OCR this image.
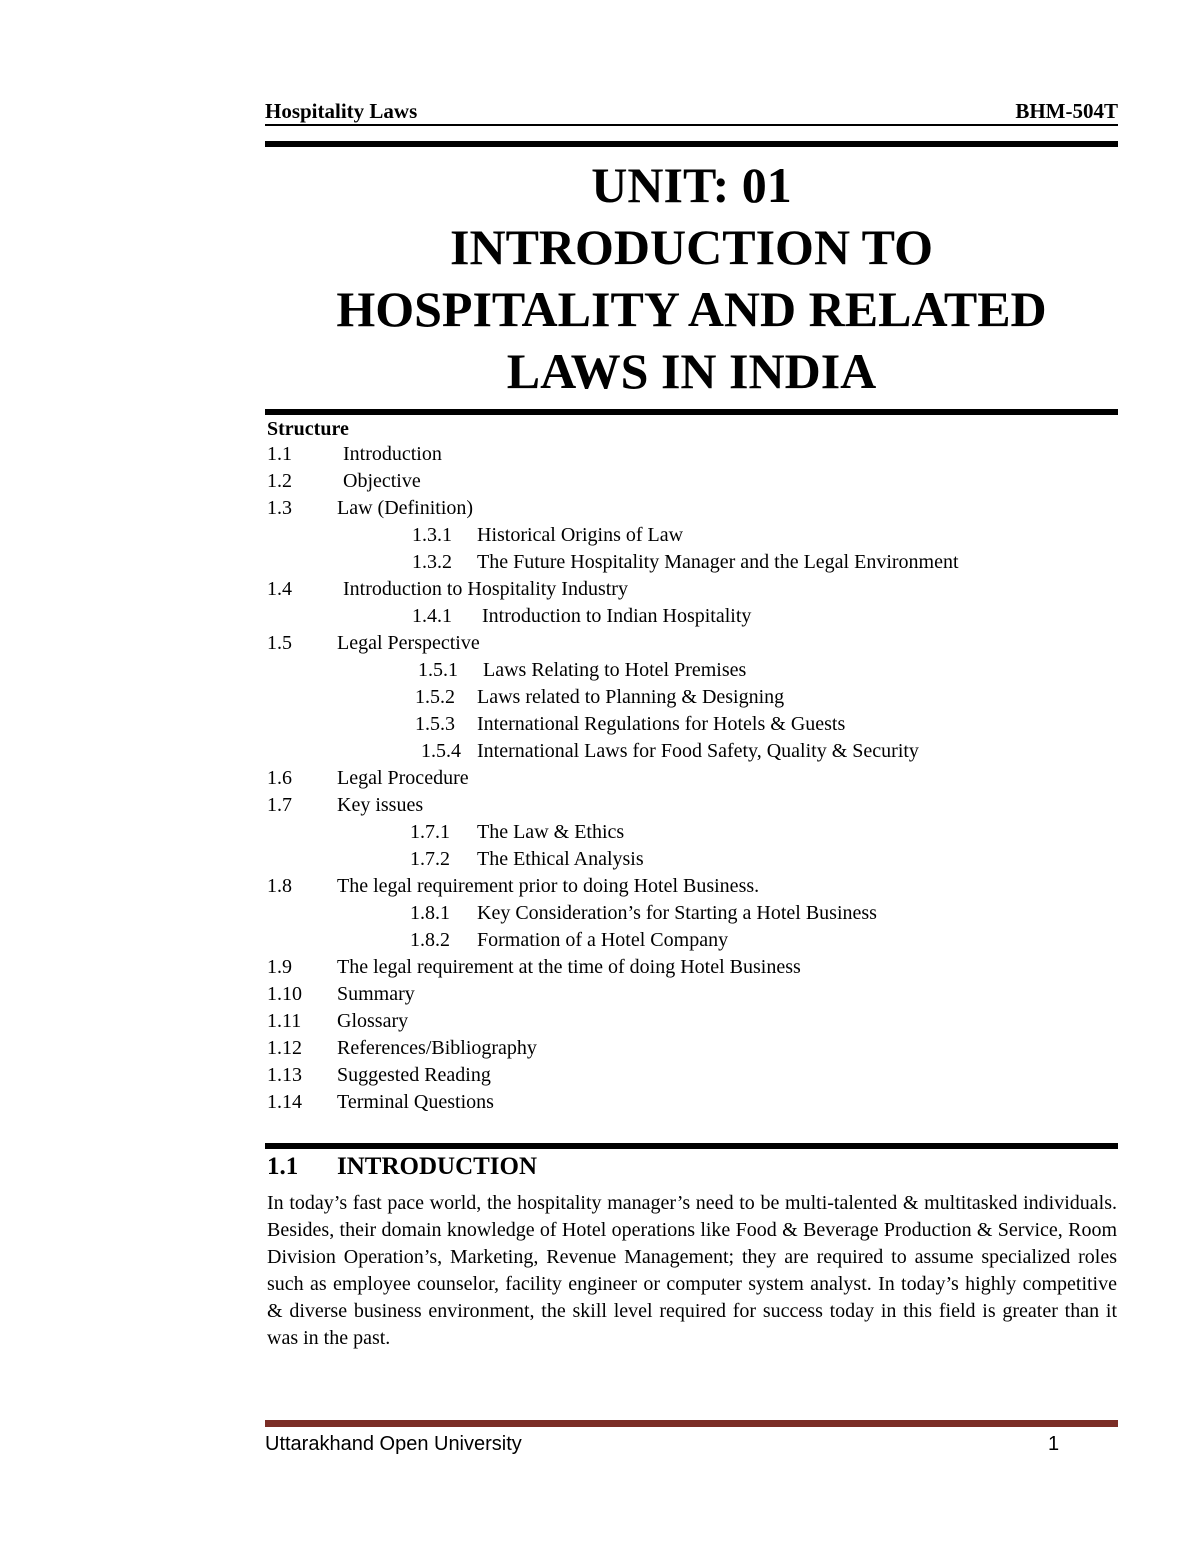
Hospitality Laws	BHM-504T
UNIT: 01
INTRODUCTION TO
HOSPITALITY AND RELATED
LAWS IN INDIA
Structure
1.1	Introduction
1.2	Objective
1.3 Law (Definition)
1.3.1 Historical Origins of Law
1.3.2 The Future Hospitality Manager and the Legal Environment
1.4	Introduction to Hospitality Industry
1.4.1 Introduction to Indian Hospitality
1.5 Legal Perspective
1.5.1 Laws Relating to Hotel Premises
1.5.2 Laws related to Planning & Designing
1.5.3 International Regulations for Hotels & Guests
1.5.4 International Laws for Food Safety, Quality & Security
1.6 Legal Procedure
1.7 Key issues
1.7.1 The Law & Ethics
1.7.2 The Ethical Analysis
1.8 The legal requirement prior to doing Hotel Business.
1.8.1 Key Consideration’s for Starting a Hotel Business
1.8.2 Formation of a Hotel Company
1.9 The legal requirement at the time of doing Hotel Business
1.10 Summary
1.11 Glossary
1.12 References/Bibliography
1.13 Suggested Reading
1.14 Terminal Questions
1.1 INTRODUCTION
In today’s fast pace world, the hospitality manager’s need to be multi-talented & multitasked individuals. Besides, their domain knowledge of Hotel operations like Food & Beverage Production & Service, Room Division Operation’s, Marketing, Revenue Management; they are required to assume specialized roles such as employee counselor, facility engineer or computer system analyst. In today’s highly competitive & diverse business environment, the skill level required for success today in this field is greater than it was in the past.
Uttarakhand Open University	1
